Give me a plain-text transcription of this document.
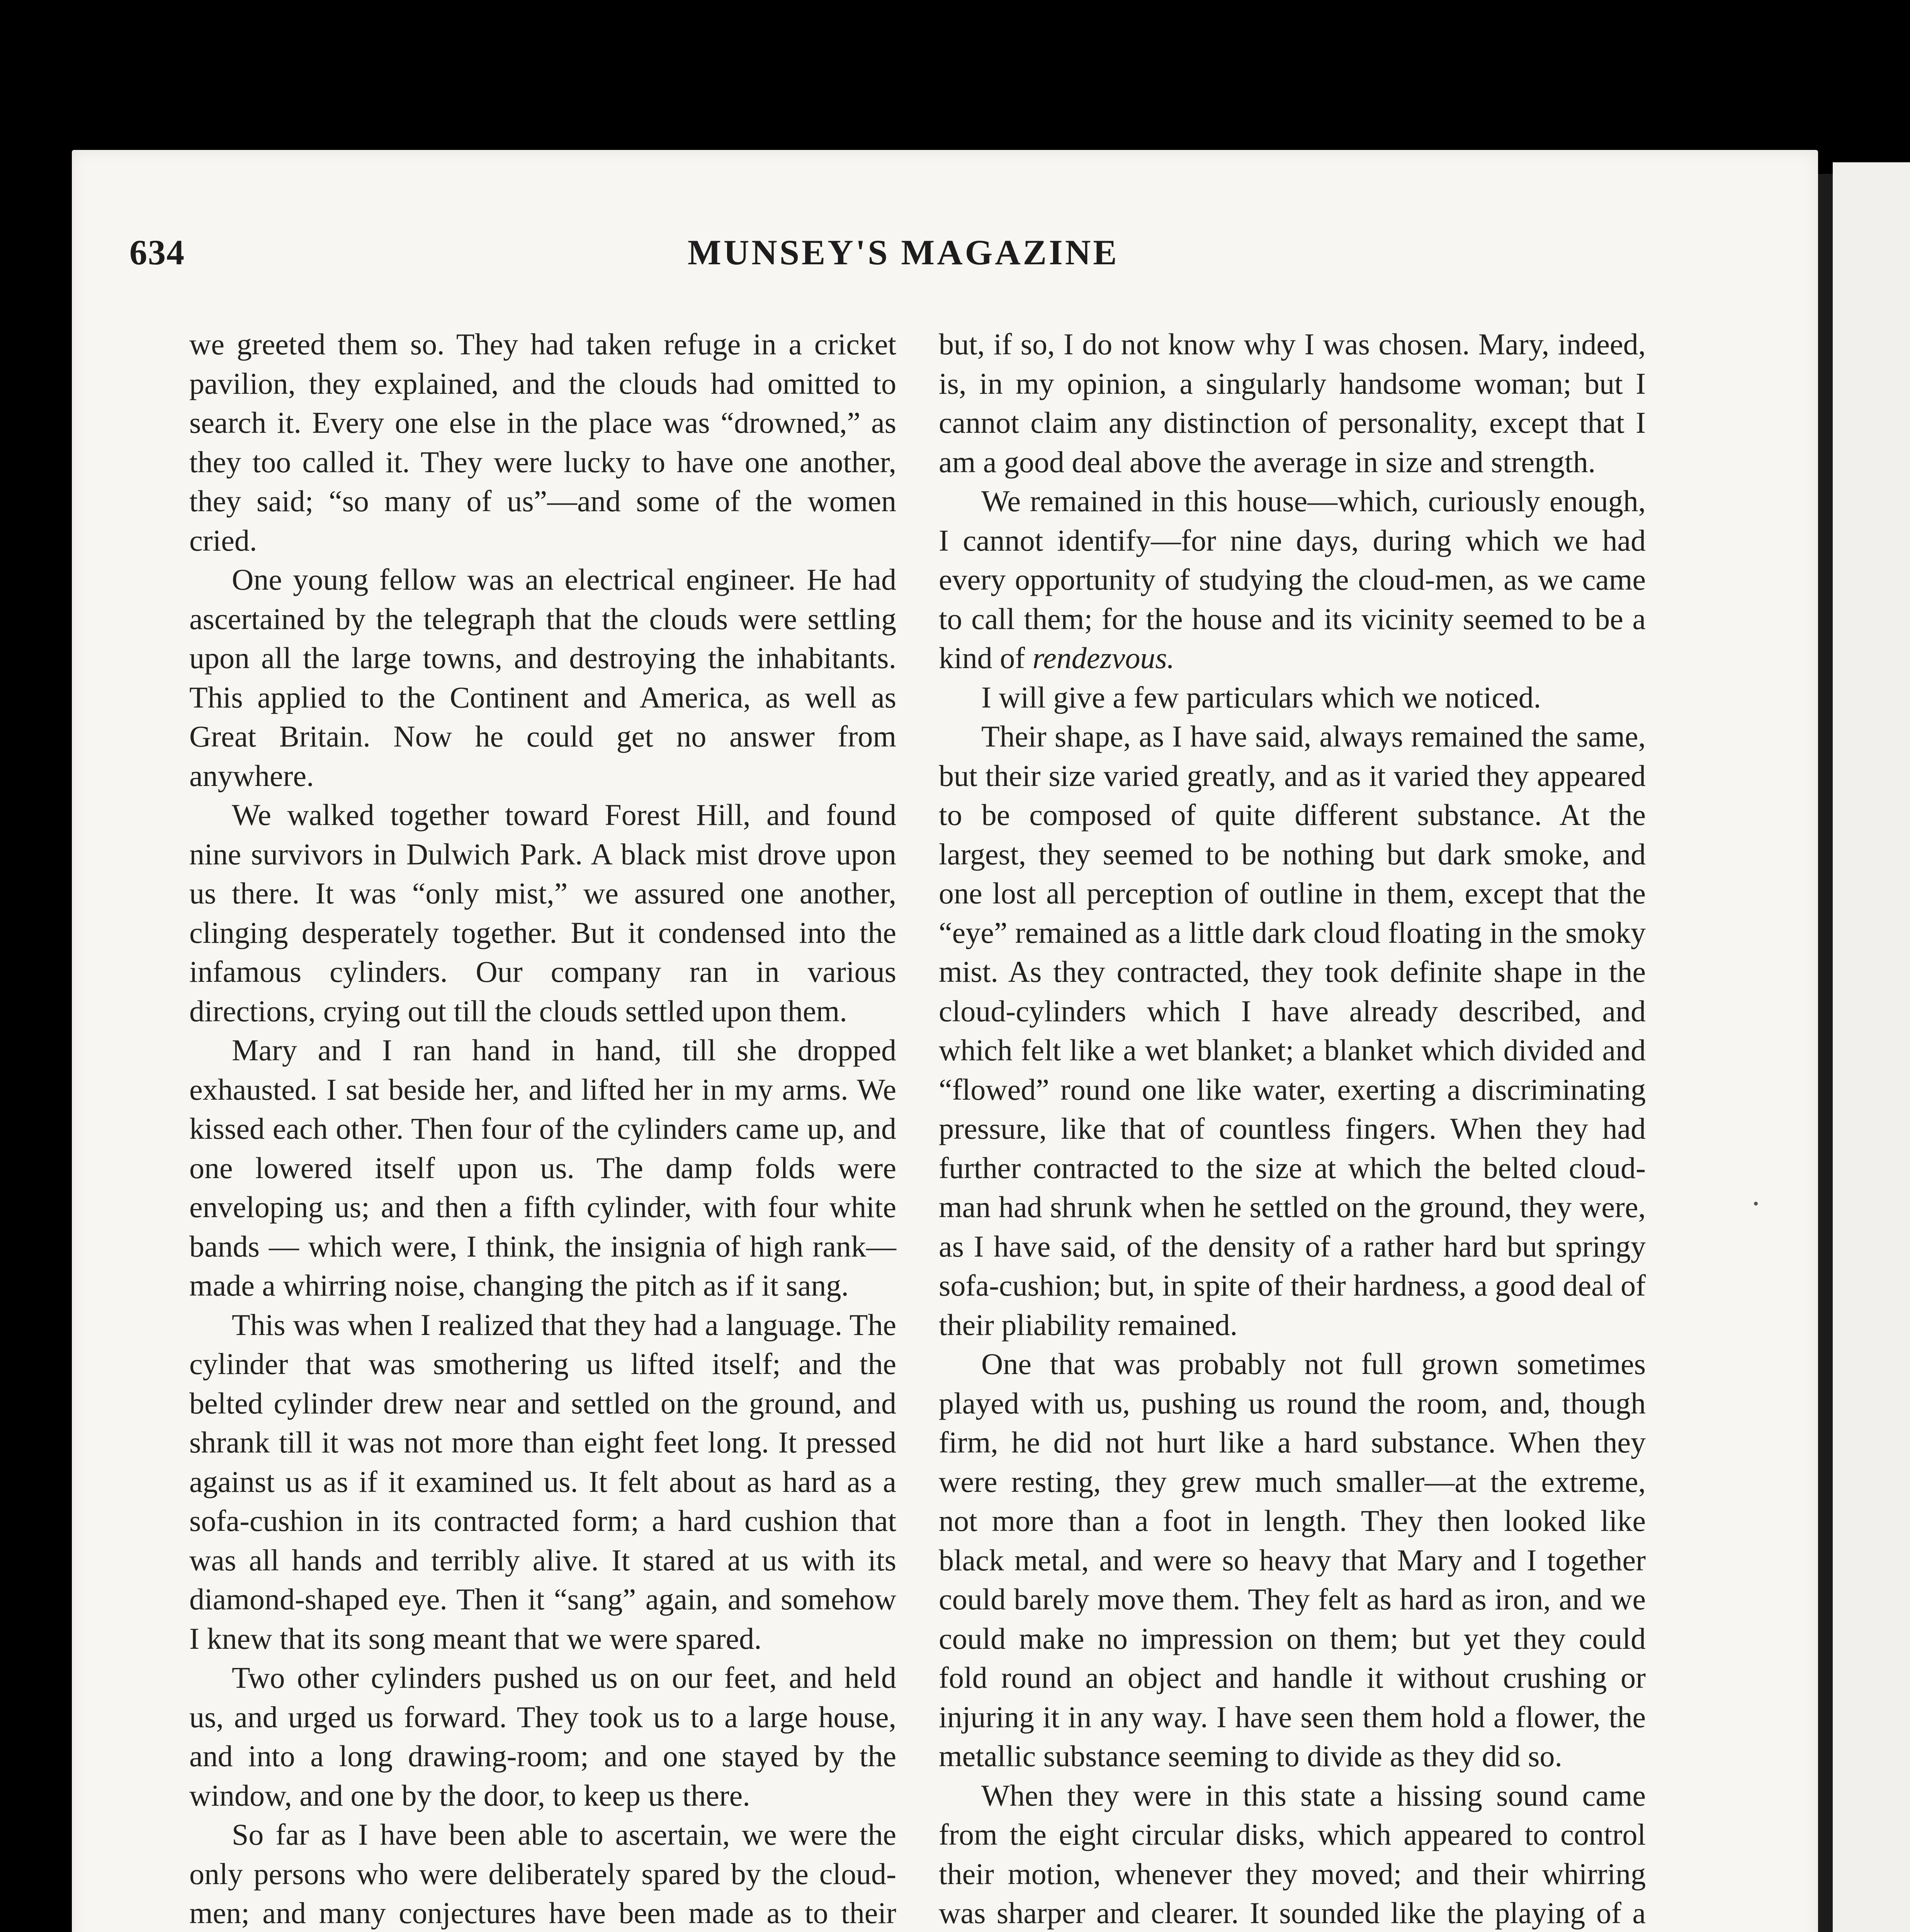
634	MUNSEY'S MAGAZINE

we greeted them so. They had taken refuge in a cricket pavilion, they explained, and the clouds had omitted to search it. Every one else in the place was “drowned,” as they too called it. They were lucky to have one another, they said; “so many of us”—and some of the women cried.

One young fellow was an electrical engineer. He had ascertained by the telegraph that the clouds were settling upon all the large towns, and destroying the inhabitants. This applied to the Continent and America, as well as Great Britain. Now he could get no answer from anywhere.

We walked together toward Forest Hill, and found nine survivors in Dulwich Park. A black mist drove upon us there. It was “only mist,” we assured one another, clinging desperately together. But it condensed into the infamous cylinders. Our company ran in various directions, crying out till the clouds settled upon them.

Mary and I ran hand in hand, till she dropped exhausted. I sat beside her, and lifted her in my arms. We kissed each other. Then four of the cylinders came up, and one lowered itself upon us. The damp folds were enveloping us; and then a fifth cylinder, with four white bands — which were, I think, the insignia of high rank—made a whirring noise, changing the pitch as if it sang.

This was when I realized that they had a language. The cylinder that was smothering us lifted itself; and the belted cylinder drew near and settled on the ground, and shrank till it was not more than eight feet long. It pressed against us as if it examined us. It felt about as hard as a sofa-cushion in its contracted form; a hard cushion that was all hands and terribly alive. It stared at us with its diamond-shaped eye. Then it “sang” again, and somehow I knew that its song meant that we were spared.

Two other cylinders pushed us on our feet, and held us, and urged us forward. They took us to a large house, and into a long drawing-room; and one stayed by the window, and one by the door, to keep us there.

So far as I have been able to ascertain, we were the only persons who were deliberately spared by the cloud-men; and many conjectures have been made as to their

but, if so, I do not know why I was chosen. Mary, indeed, is, in my opinion, a singularly handsome woman; but I cannot claim any distinction of personality, except that I am a good deal above the average in size and strength.

We remained in this house—which, curiously enough, I cannot identify—for nine days, during which we had every opportunity of studying the cloud-men, as we came to call them; for the house and its vicinity seemed to be a kind of rendezvous.

I will give a few particulars which we noticed.

Their shape, as I have said, always remained the same, but their size varied greatly, and as it varied they appeared to be composed of quite different substance. At the largest, they seemed to be nothing but dark smoke, and one lost all perception of outline in them, except that the “eye” remained as a little dark cloud floating in the smoky mist. As they contracted, they took definite shape in the cloud-cylinders which I have already described, and which felt like a wet blanket; a blanket which divided and “flowed” round one like water, exerting a discriminating pressure, like that of countless fingers. When they had further contracted to the size at which the belted cloud-man had shrunk when he settled on the ground, they were, as I have said, of the density of a rather hard but springy sofa-cushion; but, in spite of their hardness, a good deal of their pliability remained.

One that was probably not full grown sometimes played with us, pushing us round the room, and, though firm, he did not hurt like a hard substance. When they were resting, they grew much smaller—at the extreme, not more than a foot in length. They then looked like black metal, and were so heavy that Mary and I together could barely move them. They felt as hard as iron, and we could make no impression on them; but yet they could fold round an object and handle it without crushing or injuring it in any way. I have seen them hold a flower, the metallic substance seeming to divide as they did so.

When they were in this state a hissing sound came from the eight circular disks, which appeared to control their motion, whenever they moved; and their whirring was sharper and clearer. It sounded like the playing of a
